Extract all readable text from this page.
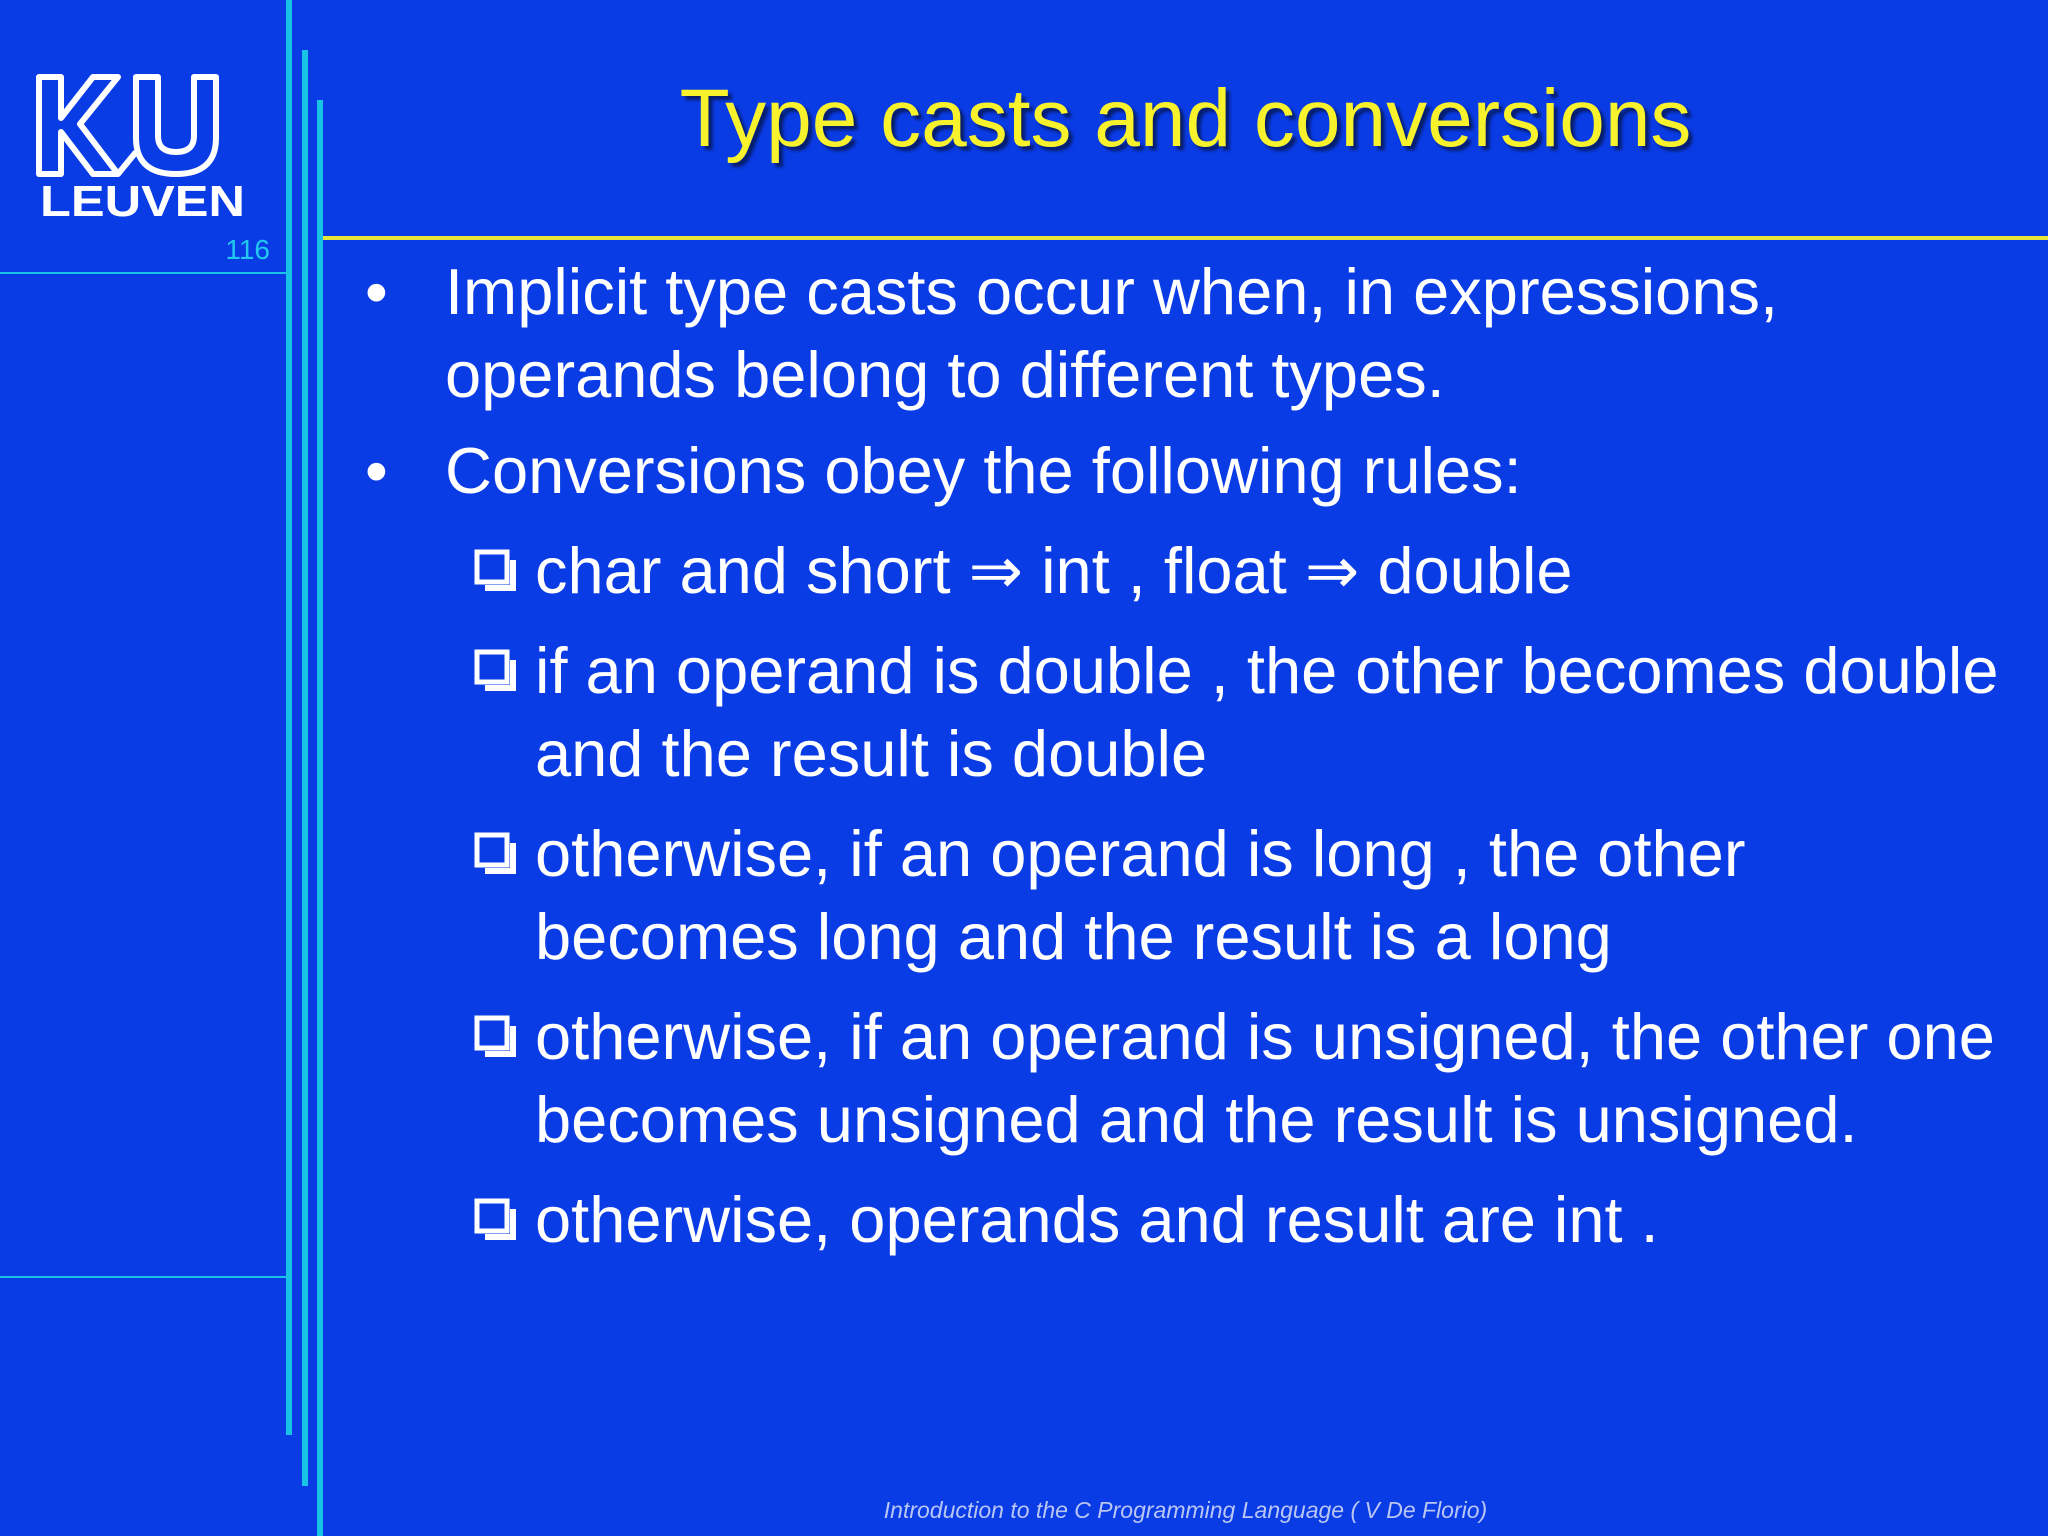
LEUVEN
116
Type casts and conversions
• Implicit type casts occur when, in expressions, operands belong to different types.
• Conversions obey the following rules:
char and short ⇒ int , float ⇒ double
if an operand is double , the other becomes double and the result is double
otherwise, if an operand is long , the other becomes long and the result is a long
otherwise, if an operand is unsigned, the other one becomes unsigned and the result is unsigned.
otherwise, operands and result are int .
Introduction to the C Programming Language ( V De Florio)
